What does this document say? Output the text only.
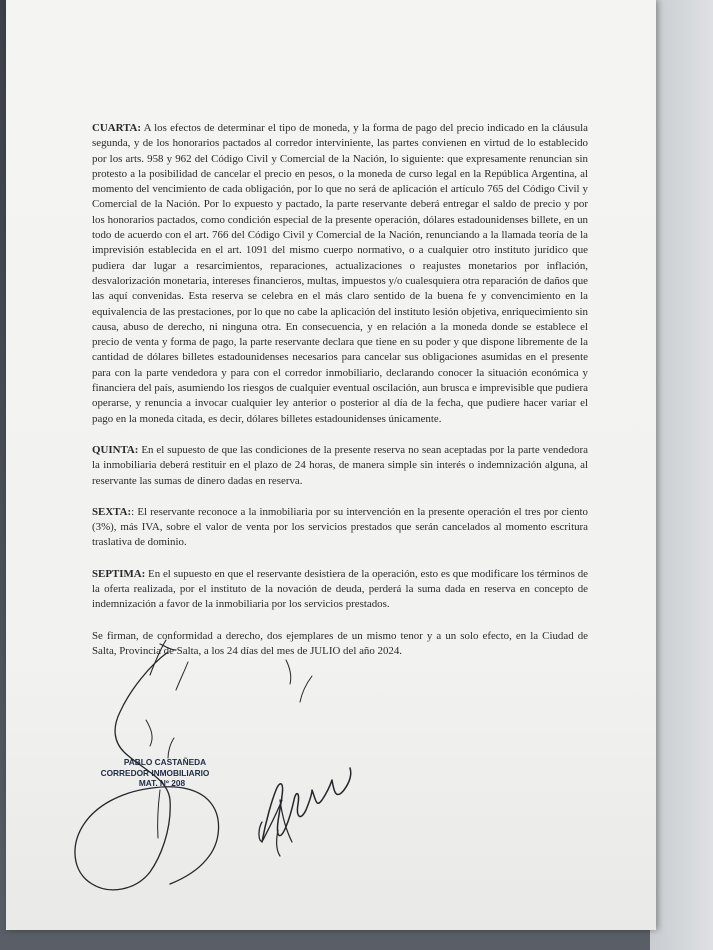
CUARTA: A los efectos de determinar el tipo de moneda, y la forma de pago del precio indicado en la cláusula segunda, y de los honorarios pactados al corredor interviniente, las partes convienen en virtud de lo establecido por los arts. 958 y 962 del Código Civil y Comercial de la Nación, lo siguiente: que expresamente renuncian sin protesto a la posibilidad de cancelar el precio en pesos, o la moneda de curso legal en la República Argentina, al momento del vencimiento de cada obligación, por lo que no será de aplicación el artículo 765 del Código Civil y Comercial de la Nación. Por lo expuesto y pactado, la parte reservante deberá entregar el saldo de precio y por los honorarios pactados, como condición especial de la presente operación, dólares estadounidenses billete, en un todo de acuerdo con el art. 766 del Código Civil y Comercial de la Nación, renunciando a la llamada teoría de la imprevisión establecida en el art. 1091 del mismo cuerpo normativo, o a cualquier otro instituto jurídico que pudiera dar lugar a resarcimientos, reparaciones, actualizaciones o reajustes monetarios por inflación, desvalorización monetaria, intereses financieros, multas, impuestos y/o cualesquiera otra reparación de daños que las aquí convenidas. Esta reserva se celebra en el más claro sentido de la buena fe y convencimiento en la equivalencia de las prestaciones, por lo que no cabe la aplicación del instituto lesión objetiva, enriquecimiento sin causa, abuso de derecho, ni ninguna otra. En consecuencia, y en relación a la moneda donde se establece el precio de venta y forma de pago, la parte reservante declara que tiene en su poder y que dispone libremente de la cantidad de dólares billetes estadounidenses necesarios para cancelar sus obligaciones asumidas en el presente para con la parte vendedora y para con el corredor inmobiliario, declarando conocer la situación económica y financiera del país, asumiendo los riesgos de cualquier eventual oscilación, aun brusca e imprevisible que pudiera operarse, y renuncia a invocar cualquier ley anterior o posterior al día de la fecha, que pudiere hacer variar el pago en la moneda citada, es decir, dólares billetes estadounidenses únicamente.

QUINTA: En el supuesto de que las condiciones de la presente reserva no sean aceptadas por la parte vendedora la inmobiliaria deberá restituir en el plazo de 24 horas, de manera simple sin interés o indemnización alguna, al reservante las sumas de dinero dadas en reserva.

SEXTA:: El reservante reconoce a la inmobiliaria por su intervención en la presente operación el tres por ciento (3%), más IVA, sobre el valor de venta por los servicios prestados que serán cancelados al momento escritura traslativa de dominio.

SEPTIMA: En el supuesto en que el reservante desistiera de la operación, esto es que modificare los términos de la oferta realizada, por el instituto de la novación de deuda, perderá la suma dada en reserva en concepto de indemnización a favor de la inmobiliaria por los servicios prestados.

Se firman, de conformidad a derecho, dos ejemplares de un mismo tenor y a un solo efecto, en la Ciudad de Salta, Provincia de Salta, a los 24 días del mes de JULIO del año 2024.

PABLO CASTAÑEDA
CORREDOR INMOBILIARIO
MAT. Nº 208
